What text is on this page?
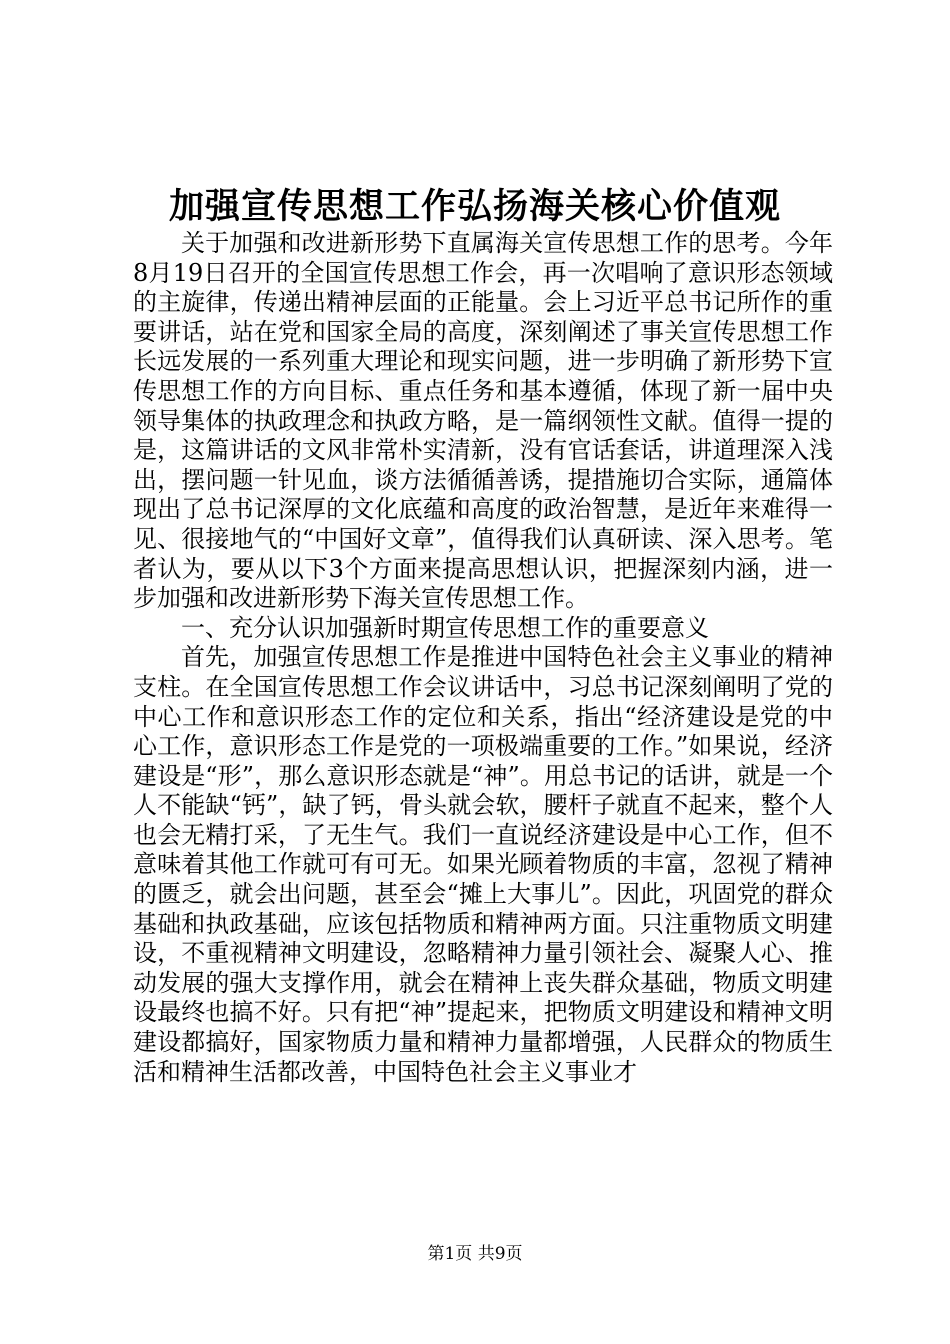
加强宣传思想工作弘扬海关核心价值观

关于加强和改进新形势下直属海关宣传思想工作的思考。今年8月19日召开的全国宣传思想工作会，再一次唱响了意识形态领域的主旋律，传递出精神层面的正能量。会上习近平总书记所作的重要讲话，站在党和国家全局的高度，深刻阐述了事关宣传思想工作长远发展的一系列重大理论和现实问题，进一步明确了新形势下宣传思想工作的方向目标、重点任务和基本遵循，体现了新一届中央领导集体的执政理念和执政方略，是一篇纲领性文献。值得一提的是，这篇讲话的文风非常朴实清新，没有官话套话，讲道理深入浅出，摆问题一针见血，谈方法循循善诱，提措施切合实际，通篇体现出了总书记深厚的文化底蕴和高度的政治智慧，是近年来难得一见、很接地气的“中国好文章”，值得我们认真研读、深入思考。笔者认为，要从以下3个方面来提高思想认识，把握深刻内涵，进一步加强和改进新形势下海关宣传思想工作。

一、充分认识加强新时期宣传思想工作的重要意义

首先，加强宣传思想工作是推进中国特色社会主义事业的精神支柱。在全国宣传思想工作会议讲话中，习总书记深刻阐明了党的中心工作和意识形态工作的定位和关系，指出“经济建设是党的中心工作，意识形态工作是党的一项极端重要的工作。”如果说，经济建设是“形”，那么意识形态就是“神”。用总书记的话讲，就是一个人不能缺“钙”，缺了钙，骨头就会软，腰杆子就直不起来，整个人也会无精打采，了无生气。我们一直说经济建设是中心工作，但不意味着其他工作就可有可无。如果光顾着物质的丰富，忽视了精神的匮乏，就会出问题，甚至会“摊上大事儿”。因此，巩固党的群众基础和执政基础，应该包括物质和精神两方面。只注重物质文明建设，不重视精神文明建设，忽略精神力量引领社会、凝聚人心、推动发展的强大支撑作用，就会在精神上丧失群众基础，物质文明建设最终也搞不好。只有把“神”提起来，把物质文明建设和精神文明建设都搞好，国家物质力量和精神力量都增强，人民群众的物质生活和精神生活都改善，中国特色社会主义事业才

第1页 共9页
